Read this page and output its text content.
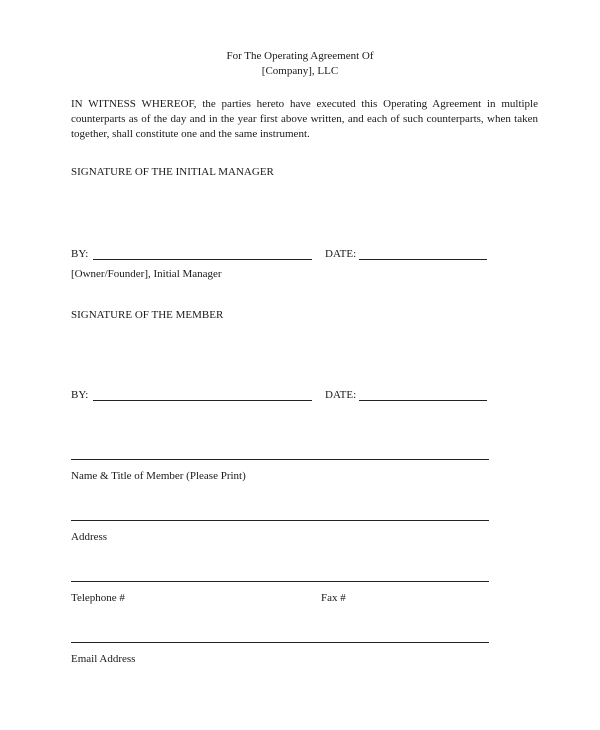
For The Operating Agreement Of
[Company], LLC
IN WITNESS WHEREOF, the parties hereto have executed this Operating Agreement in multiple counterparts as of the day and in the year first above written, and each of such counterparts, when taken together, shall constitute one and the same instrument.
SIGNATURE OF THE INITIAL MANAGER
BY:	DATE:
[Owner/Founder], Initial Manager
SIGNATURE OF THE MEMBER
BY:	DATE:
Name & Title of Member (Please Print)
Address
Telephone #	Fax #
Email Address
